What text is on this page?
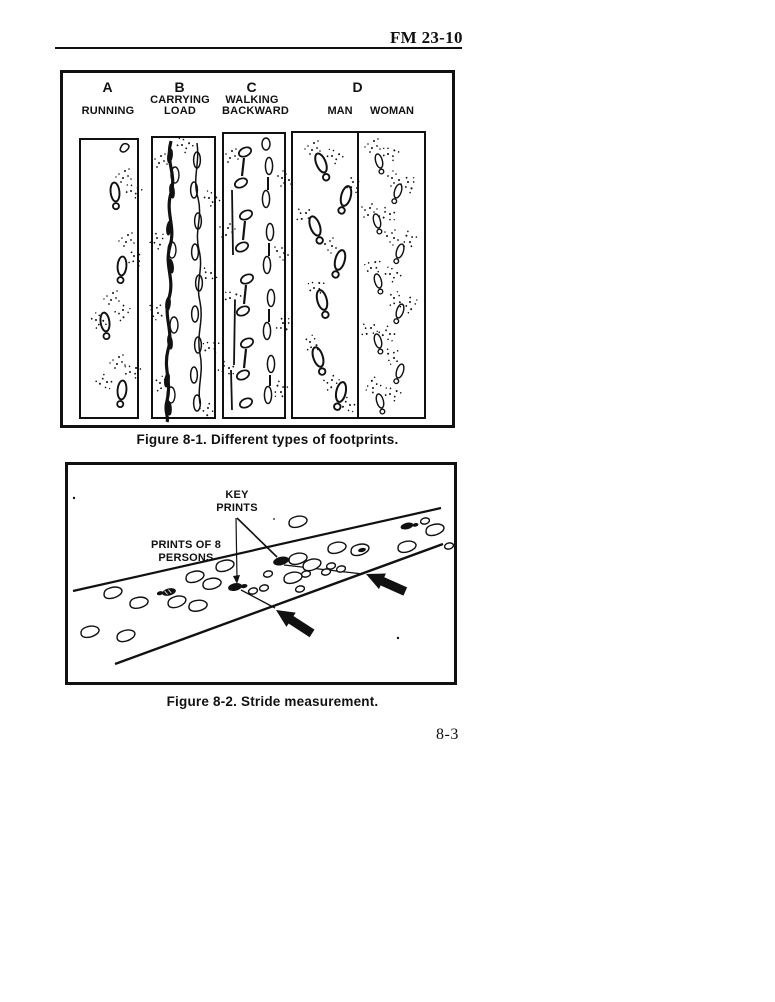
FM 23-10
A
RUNNING
B
CARRYING
LOAD
C
WALKING
BACKWARD
D
MAN	WOMAN
Figure 8-1. Different types of footprints.
KEY
PRINTS
PRINTS OF 8
PERSONS
Figure 8-2. Stride measurement.
8-3
